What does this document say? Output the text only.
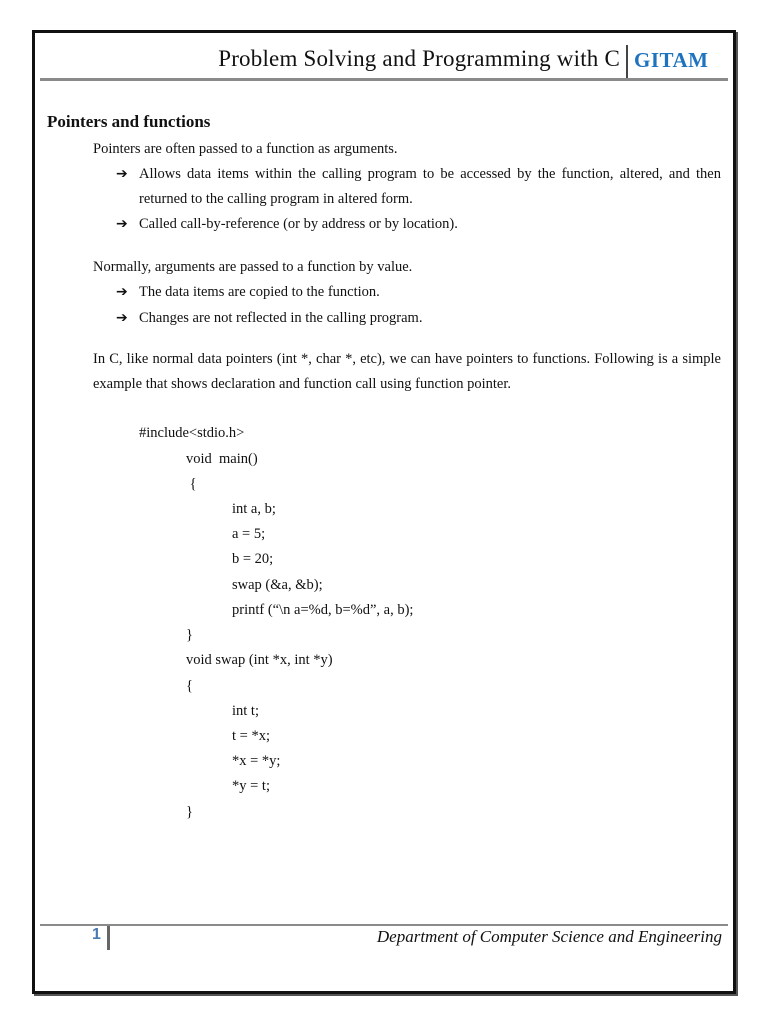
Problem Solving and Programming with C GITAM
Pointers and functions
Pointers are often passed to a function as arguments.
➔ Allows data items within the calling program to be accessed by the function, altered, and then returned to the calling program in altered form.
➔ Called call-by-reference (or by address or by location).
Normally, arguments are passed to a function by value.
➔ The data items are copied to the function.
➔ Changes are not reflected in the calling program.
In C, like normal data pointers (int *, char *, etc), we can have pointers to functions. Following is a simple example that shows declaration and function call using function pointer.
#include<stdio.h>
void  main()
{
int a, b;
a = 5;
b = 20;
swap (&a, &b);
printf (“\n a=%d, b=%d”, a, b);
}
void swap (int *x, int *y)
{
int t;
t = *x;
*x = *y;
*y = t;
}
1	Department of Computer Science and Engineering
